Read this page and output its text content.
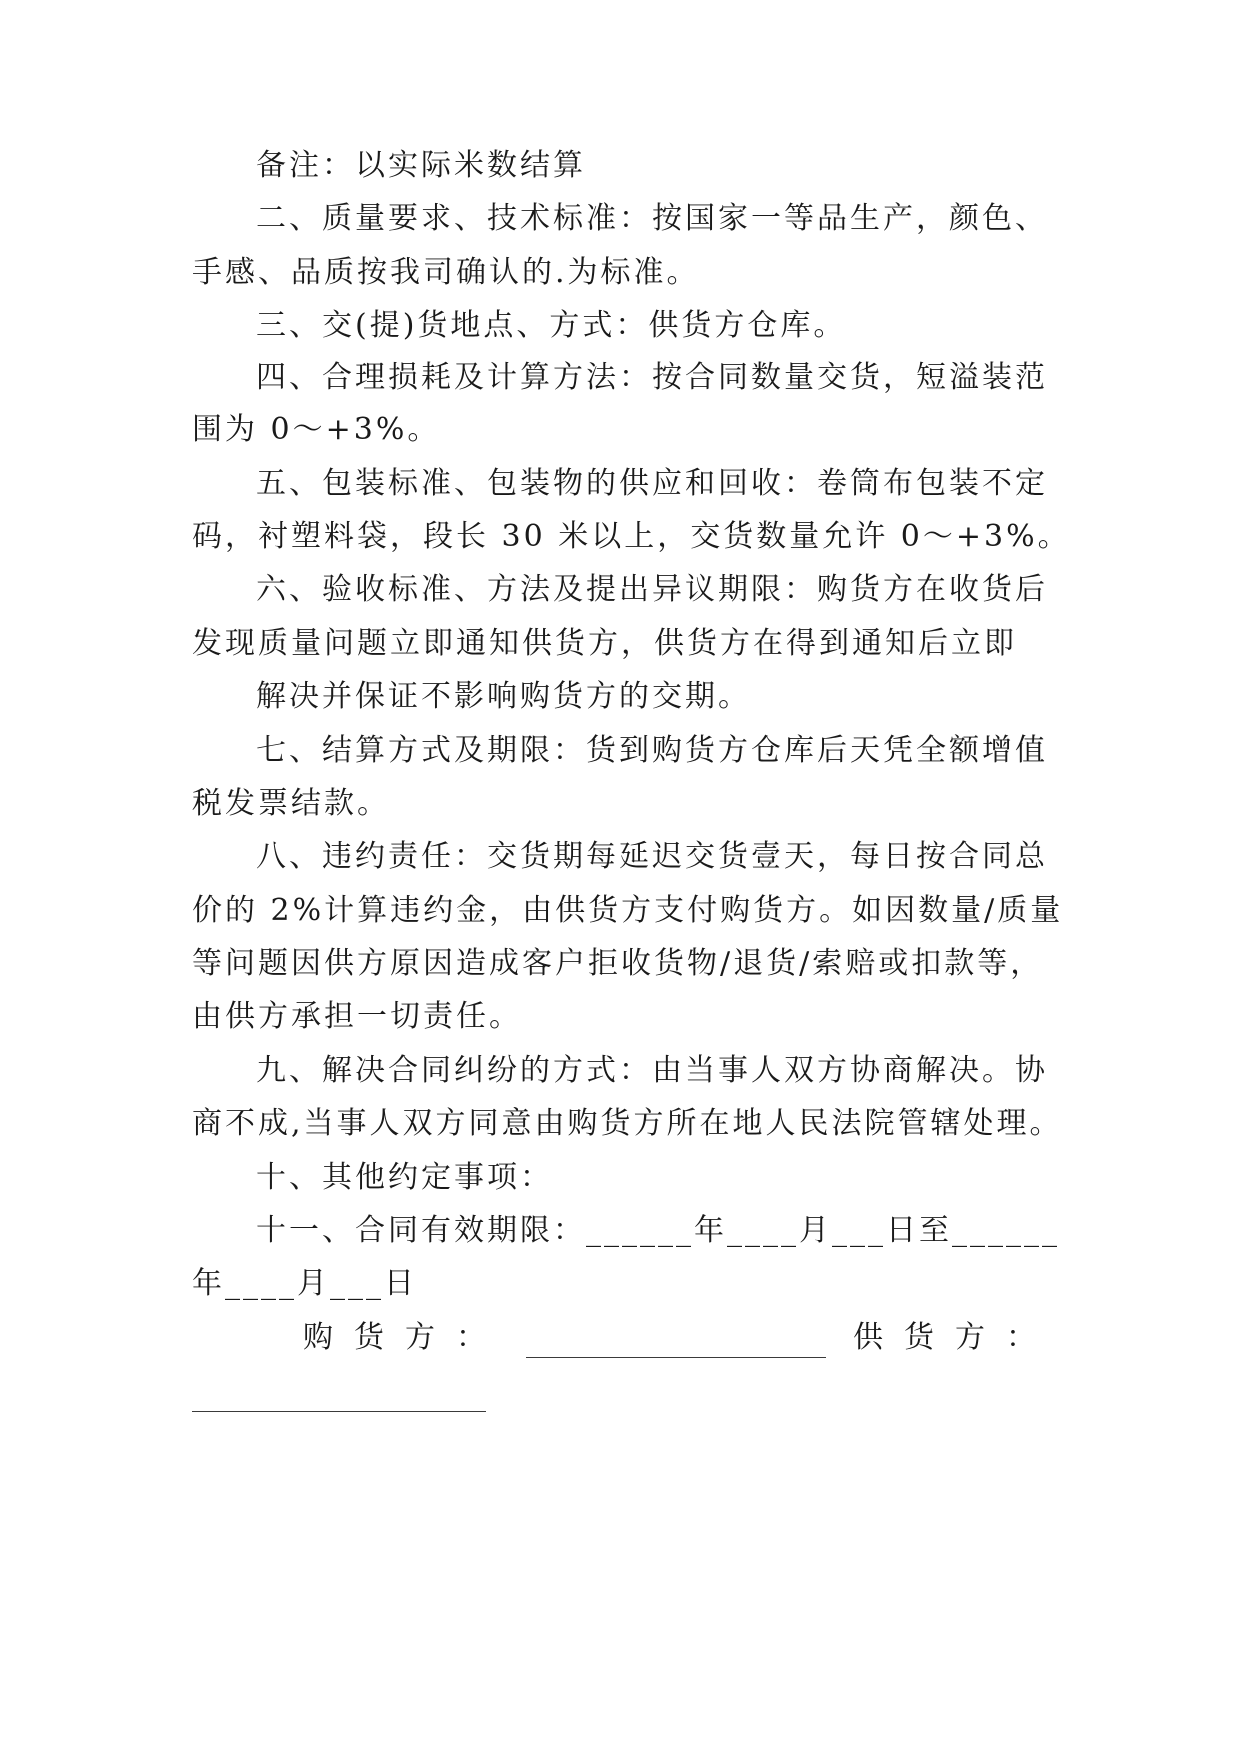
备注：以实际米数结算
二、质量要求、技术标准：按国家一等品生产，颜色、
手感、品质按我司确认的.为标准。
三、交(提)货地点、方式：供货方仓库。
四、合理损耗及计算方法：按合同数量交货，短溢装范
围为 0～+3%。
五、包装标准、包装物的供应和回收：卷筒布包装不定
码，衬塑料袋，段长 30 米以上，交货数量允许 0～+3%。
六、验收标准、方法及提出异议期限：购货方在收货后
发现质量问题立即通知供货方，供货方在得到通知后立即
解决并保证不影响购货方的交期。
七、结算方式及期限：货到购货方仓库后天凭全额增值
税发票结款。
八、违约责任：交货期每延迟交货壹天，每日按合同总
价的 2%计算违约金，由供货方支付购货方。如因数量/质量
等问题因供方原因造成客户拒收货物/退货/索赔或扣款等，
由供方承担一切责任。
九、解决合同纠纷的方式：由当事人双方协商解决。协
商不成,当事人双方同意由购货方所在地人民法院管辖处理。
十、其他约定事项：
十一、合同有效期限：______年____月___日至______
年____月___日
购货方：	供货方：
